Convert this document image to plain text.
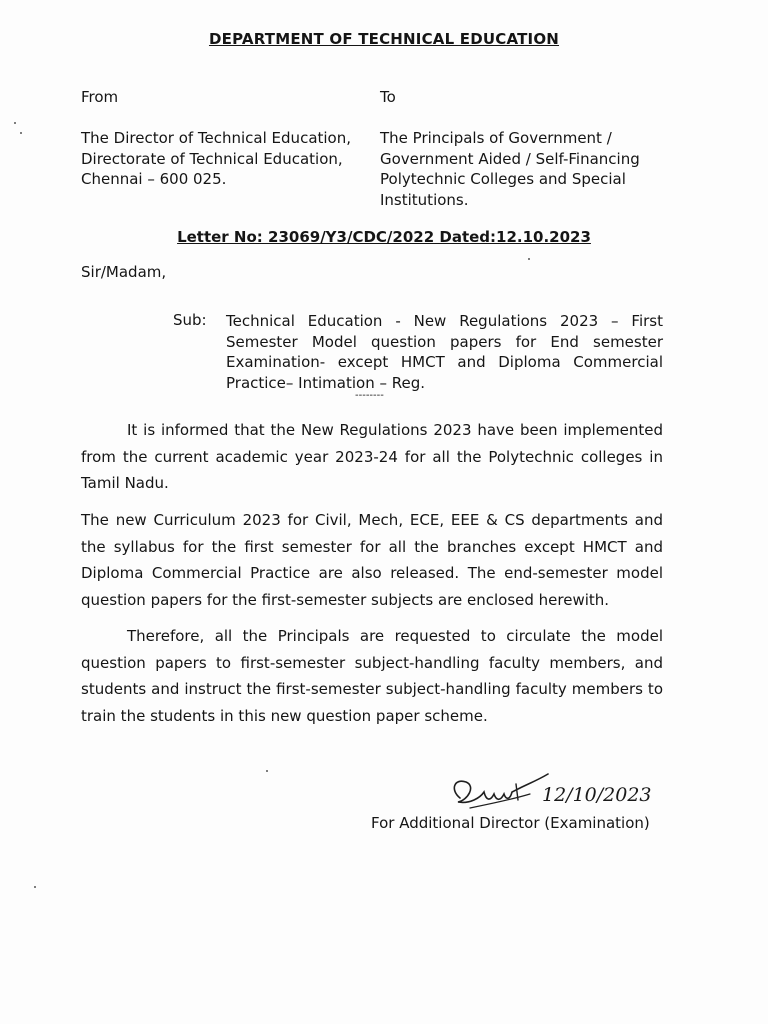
DEPARTMENT OF TECHNICAL EDUCATION
From	To
The Director of Technical Education,
Directorate of Technical Education,
Chennai – 600 025.
The Principals of Government /
Government Aided / Self-Financing
Polytechnic Colleges and Special
Institutions.
Letter No: 23069/Y3/CDC/2022 Dated:12.10.2023
Sir/Madam,
Sub: Technical Education - New Regulations 2023 – First Semester Model question papers for End semester Examination- except HMCT and Diploma Commercial Practice– Intimation – Reg.
--------
It is informed that the New Regulations 2023 have been implemented from the current academic year 2023-24 for all the Polytechnic colleges in Tamil Nadu.
The new Curriculum 2023 for Civil, Mech, ECE, EEE & CS departments and the syllabus for the first semester for all the branches except HMCT and Diploma Commercial Practice are also released. The end-semester model question papers for the first-semester subjects are enclosed herewith.
Therefore, all the Principals are requested to circulate the model question papers to first-semester subject-handling faculty members, and students and instruct the first-semester subject-handling faculty members to train the students in this new question paper scheme.
12/10/2023
For Additional Director (Examination)
